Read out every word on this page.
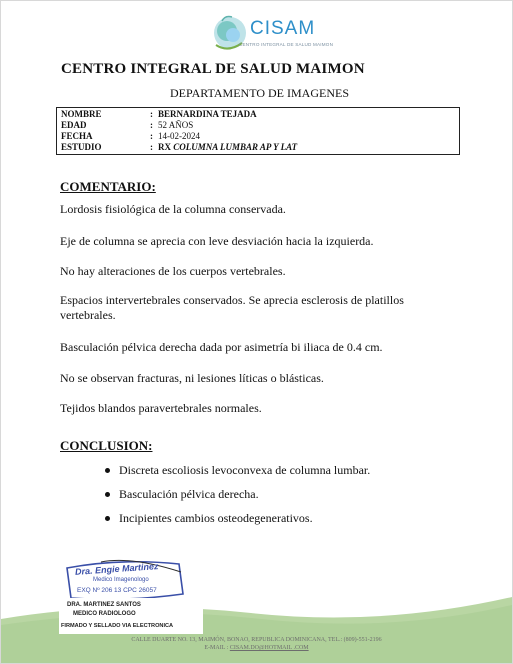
CISAM
CENTRO INTEGRAL DE SALUD MAIMON
CENTRO INTEGRAL DE SALUD MAIMON
DEPARTAMENTO DE IMAGENES
NOMBRE	: BERNARDINA TEJADA
EDAD	: 52 AÑOS
FECHA	: 14-02-2024
ESTUDIO	: RX COLUMNA LUMBAR AP Y LAT
COMENTARIO:
Lordosis fisiológica de la columna conservada.
Eje de columna se aprecia con leve desviación hacia la izquierda.
No hay alteraciones de los cuerpos vertebrales.
Espacios intervertebrales conservados. Se aprecia esclerosis de platillos vertebrales.
Basculación pélvica derecha dada por asimetría bi iliaca de 0.4 cm.
No se observan fracturas, ni lesiones líticas o blásticas.
Tejidos blandos paravertebrales normales.
CONCLUSION:
Discreta escoliosis levoconvexa de columna lumbar.
Basculación pélvica derecha.
Incipientes cambios osteodegenerativos.
Dra. Engie Martinez
Medico Imagenologo
EXQ Nº 206 13 CPC 26057
DRA. MARTINEZ SANTOS
MEDICO RADIOLOGO
FIRMADO Y SELLADO VIA ELECTRONICA
CALLE DUARTE NO. 13, MAIMÓN, BONAO, REPUBLICA DOMINICANA, TEL.: (809)-551-2196
E-MAIL : CISAM.DO@HOTMAIL .COM
